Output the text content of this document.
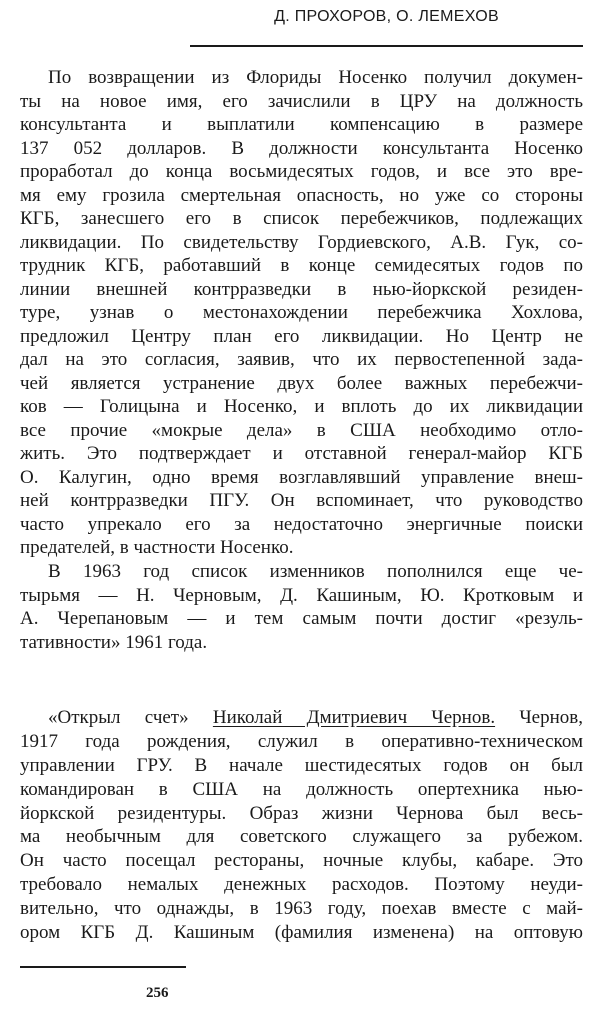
Д. ПРОХОРОВ, О. ЛЕМЕХОВ
По возвращении из Флориды Носенко получил докумен-
ты на новое имя, его зачислили в ЦРУ на должность
консультанта и выплатили компенсацию в размере
137 052 долларов. В должности консультанта Носенко
проработал до конца восьмидесятых годов, и все это вре-
мя ему грозила смертельная опасность, но уже со стороны
КГБ, занесшего его в список перебежчиков, подлежащих
ликвидации. По свидетельству Гордиевского, А.В. Гук, со-
трудник КГБ, работавший в конце семидесятых годов по
линии внешней контрразведки в нью-йоркской резиден-
туре, узнав о местонахождении перебежчика Хохлова,
предложил Центру план его ликвидации. Но Центр не
дал на это согласия, заявив, что их первостепенной зада-
чей является устранение двух более важных перебежчи-
ков — Голицына и Носенко, и вплоть до их ликвидации
все прочие «мокрые дела» в США необходимо отло-
жить. Это подтверждает и отставной генерал-майор КГБ
О. Калугин, одно время возглавлявший управление внеш-
ней контрразведки ПГУ. Он вспоминает, что руководство
часто упрекало его за недостаточно энергичные поиски
предателей, в частности Носенко.
В 1963 год список изменников пополнился еще че-
тырьмя — Н. Черновым, Д. Кашиным, Ю. Кротковым и
А. Черепановым — и тем самым почти достиг «резуль-
тативности» 1961 года.
«Открыл счет» Николай Дмитриевич Чернов. Чернов,
1917 года рождения, служил в оперативно-техническом
управлении ГРУ. В начале шестидесятых годов он был
командирован в США на должность опертехника нью-
йоркской резидентуры. Образ жизни Чернова был весь-
ма необычным для советского служащего за рубежом.
Он часто посещал рестораны, ночные клубы, кабаре. Это
требовало немалых денежных расходов. Поэтому неуди-
вительно, что однажды, в 1963 году, поехав вместе с май-
ором КГБ Д. Кашиным (фамилия изменена) на оптовую
256
